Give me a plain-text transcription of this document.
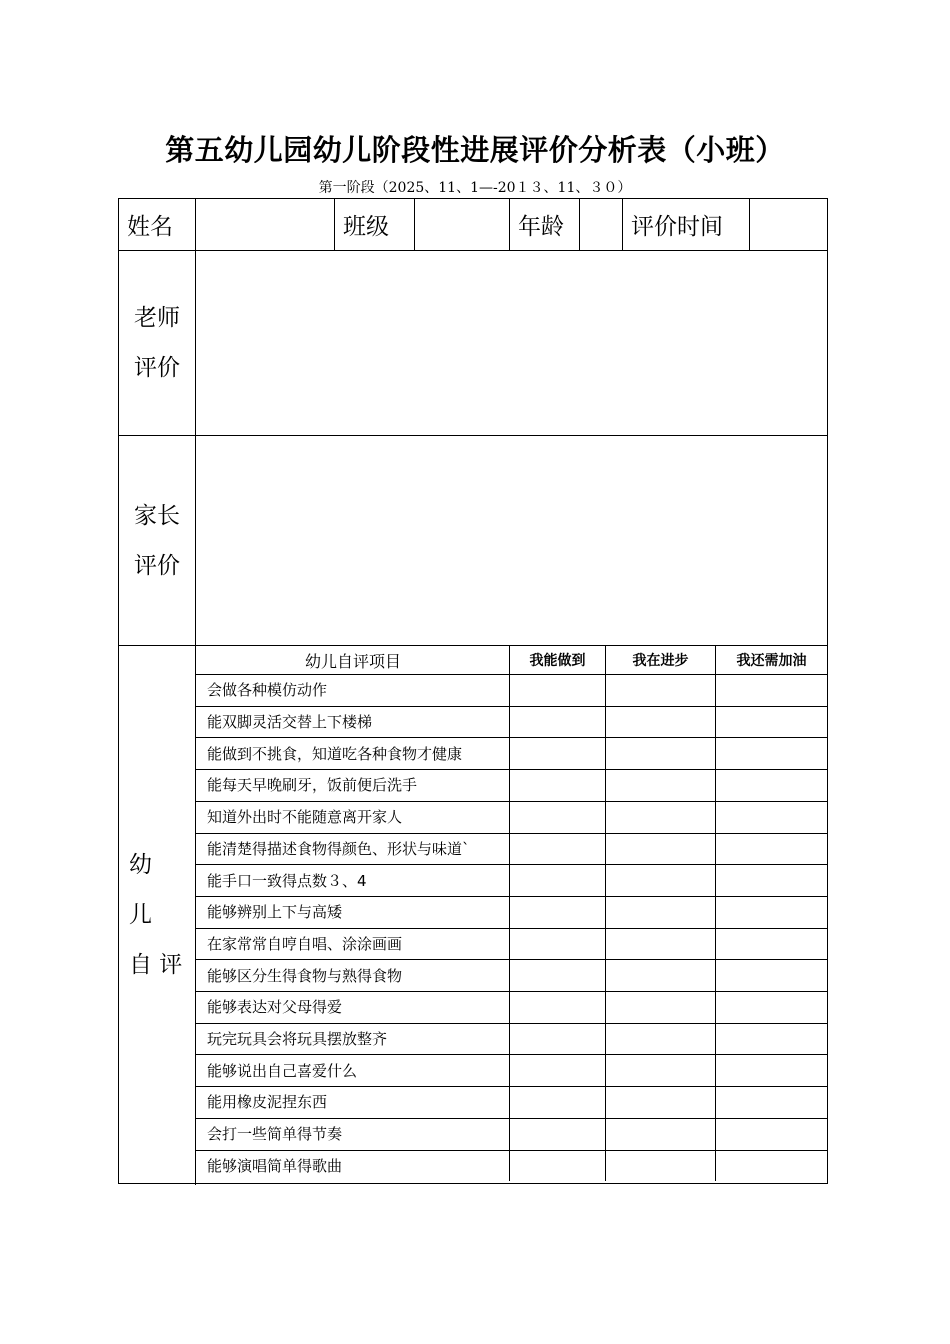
第五幼儿园幼儿阶段性进展评价分析表（小班）
第一阶段（2025、11、1—-20１３、11、３０）
姓名	班级	年龄	评价时间
老师
评价
家长
评价
幼
儿
自 评
幼儿自评项目	我能做到	我在进步	我还需加油
会做各种模仿动作
能双脚灵活交替上下楼梯
能做到不挑食，知道吃各种食物才健康
能每天早晚刷牙，饭前便后洗手
知道外出时不能随意离开家人
能清楚得描述食物得颜色、形状与味道`
能手口一致得点数３、4
能够辨别上下与高矮
在家常常自哼自唱、涂涂画画
能够区分生得食物与熟得食物
能够表达对父母得爱
玩完玩具会将玩具摆放整齐
能够说出自己喜爱什么
能用橡皮泥捏东西
会打一些简单得节奏
能够演唱简单得歌曲
